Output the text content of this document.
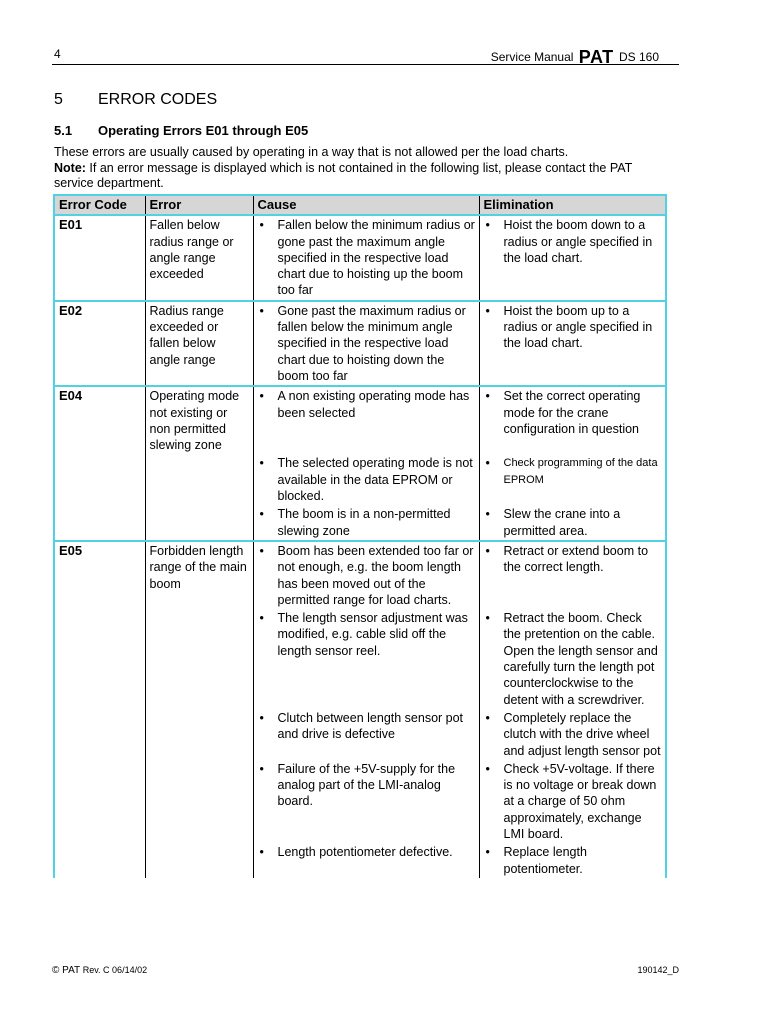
4	Service Manual PAT DS 160
5 ERROR CODES
5.1 Operating Errors E01 through E05
These errors are usually caused by operating in a way that is not allowed per the load charts.
Note: If an error message is displayed which is not contained in the following list, please contact the PAT service department.
Error Code	Error	Cause	Elimination
E01	Fallen below radius range or angle range exceeded	• Fallen below the minimum radius or gone past the maximum angle specified in the respective load chart due to hoisting up the boom too far	• Hoist the boom down to a radius or angle specified in the load chart.

E02	Radius range exceeded or fallen below angle range	• Gone past the maximum radius or fallen below the minimum angle specified in the respective load chart due to hoisting down the boom too far	• Hoist the boom up to a radius or angle specified in the load chart.

E04	Operating mode not existing or non permitted slewing zone	• A non existing operating mode has been selected	• Set the correct operating mode for the crane configuration in question

		• The selected operating mode is not available in the data EPROM or blocked.	• Check programming of the data EPROM

		• The boom is in a non-permitted slewing zone	• Slew the crane into a permitted area.

E05	Forbidden length range of the main boom	• Boom has been extended too far or not enough, e.g. the boom length has been moved out of the permitted range for load charts.	• Retract or extend boom to the correct length.

		• The length sensor adjustment was modified, e.g. cable slid off the length sensor reel.	• Retract the boom. Check the pretention on the cable. Open the length sensor and carefully turn the length pot counterclockwise to the detent with a screwdriver.

		• Clutch between length sensor pot and drive is defective	• Completely replace the clutch with the drive wheel and adjust length sensor pot

		• Failure of the +5V-supply for the analog part of the LMI-analog board.	• Check +5V-voltage. If there is no voltage or break down at a charge of 50 ohm approximately, exchange LMI board.

		• Length potentiometer defective.	• Replace length potentiometer.
© PAT Rev. C 06/14/02	190142_D
